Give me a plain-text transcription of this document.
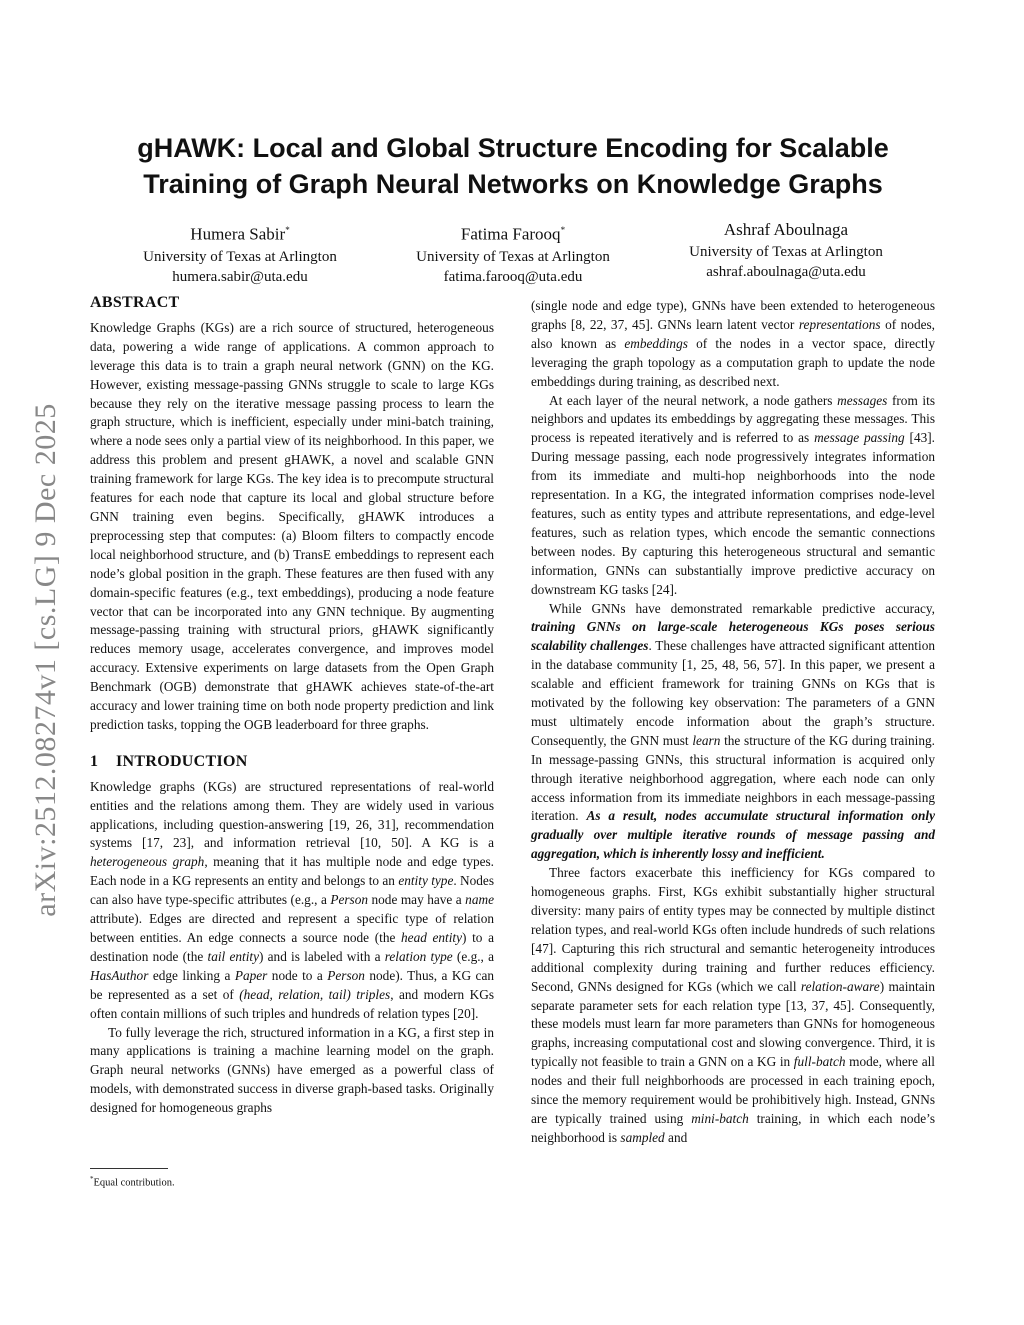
arXiv:2512.08274v1 [cs.LG] 9 Dec 2025
gHAWK: Local and Global Structure Encoding for Scalable Training of Graph Neural Networks on Knowledge Graphs
Humera Sabir*
University of Texas at Arlington
humera.sabir@uta.edu
Fatima Farooq*
University of Texas at Arlington
fatima.farooq@uta.edu
Ashraf Aboulnaga
University of Texas at Arlington
ashraf.aboulnaga@uta.edu
ABSTRACT

Knowledge Graphs (KGs) are a rich source of structured, heterogeneous data, powering a wide range of applications. A common approach to leverage this data is to train a graph neural network (GNN) on the KG. However, existing message-passing GNNs struggle to scale to large KGs because they rely on the iterative message passing process to learn the graph structure, which is inefficient, especially under mini-batch training, where a node sees only a partial view of its neighborhood. In this paper, we address this problem and present gHAWK, a novel and scalable GNN training framework for large KGs. The key idea is to precompute structural features for each node that capture its local and global structure before GNN training even begins. Specifically, gHAWK introduces a preprocessing step that computes: (a) Bloom filters to compactly encode local neighborhood structure, and (b) TransE embeddings to represent each node’s global position in the graph. These features are then fused with any domain-specific features (e.g., text embeddings), producing a node feature vector that can be incorporated into any GNN technique. By augmenting message-passing training with structural priors, gHAWK significantly reduces memory usage, accelerates convergence, and improves model accuracy. Extensive experiments on large datasets from the Open Graph Benchmark (OGB) demonstrate that gHAWK achieves state-of-the-art accuracy and lower training time on both node property prediction and link prediction tasks, topping the OGB leaderboard for three graphs.

1 INTRODUCTION

Knowledge graphs (KGs) are structured representations of real-world entities and the relations among them. They are widely used in various applications, including question-answering [19, 26, 31], recommendation systems [17, 23], and information retrieval [10, 50]. A KG is a heterogeneous graph, meaning that it has multiple node and edge types. Each node in a KG represents an entity and belongs to an entity type. Nodes can also have type-specific attributes (e.g., a Person node may have a name attribute). Edges are directed and represent a specific type of relation between entities. An edge connects a source node (the head entity) to a destination node (the tail entity) and is labeled with a relation type (e.g., a HasAuthor edge linking a Paper node to a Person node). Thus, a KG can be represented as a set of (head, relation, tail) triples, and modern KGs often contain millions of such triples and hundreds of relation types [20].

To fully leverage the rich, structured information in a KG, a first step in many applications is training a machine learning model on the graph. Graph neural networks (GNNs) have emerged as a powerful class of models, with demonstrated success in diverse graph-based tasks. Originally designed for homogeneous graphs

(single node and edge type), GNNs have been extended to heterogeneous graphs [8, 22, 37, 45]. GNNs learn latent vector representations of nodes, also known as embeddings of the nodes in a vector space, directly leveraging the graph topology as a computation graph to update the node embeddings during training, as described next.

At each layer of the neural network, a node gathers messages from its neighbors and updates its embeddings by aggregating these messages. This process is repeated iteratively and is referred to as message passing [43]. During message passing, each node progressively integrates information from its immediate and multi-hop neighborhoods into the node representation. In a KG, the integrated information comprises node-level features, such as entity types and attribute representations, and edge-level features, such as relation types, which encode the semantic connections between nodes. By capturing this heterogeneous structural and semantic information, GNNs can substantially improve predictive accuracy on downstream KG tasks [24].

While GNNs have demonstrated remarkable predictive accuracy, training GNNs on large-scale heterogeneous KGs poses serious scalability challenges. These challenges have attracted significant attention in the database community [1, 25, 48, 56, 57]. In this paper, we present a scalable and efficient framework for training GNNs on KGs that is motivated by the following key observation: The parameters of a GNN must ultimately encode information about the graph’s structure. Consequently, the GNN must learn the structure of the KG during training. In message-passing GNNs, this structural information is acquired only through iterative neighborhood aggregation, where each node can only access information from its immediate neighbors in each message-passing iteration. As a result, nodes accumulate structural information only gradually over multiple iterative rounds of message passing and aggregation, which is inherently lossy and inefficient.

Three factors exacerbate this inefficiency for KGs compared to homogeneous graphs. First, KGs exhibit substantially higher structural diversity: many pairs of entity types may be connected by multiple distinct relation types, and real-world KGs often include hundreds of such relations [47]. Capturing this rich structural and semantic heterogeneity introduces additional complexity during training and further reduces efficiency. Second, GNNs designed for KGs (which we call relation-aware) maintain separate parameter sets for each relation type [13, 37, 45]. Consequently, these models must learn far more parameters than GNNs for homogeneous graphs, increasing computational cost and slowing convergence. Third, it is typically not feasible to train a GNN on a KG in full-batch mode, where all nodes and their full neighborhoods are processed in each training epoch, since the memory requirement would be prohibitively high. Instead, GNNs are typically trained using mini-batch training, in which each node’s neighborhood is sampled and

*Equal contribution.
